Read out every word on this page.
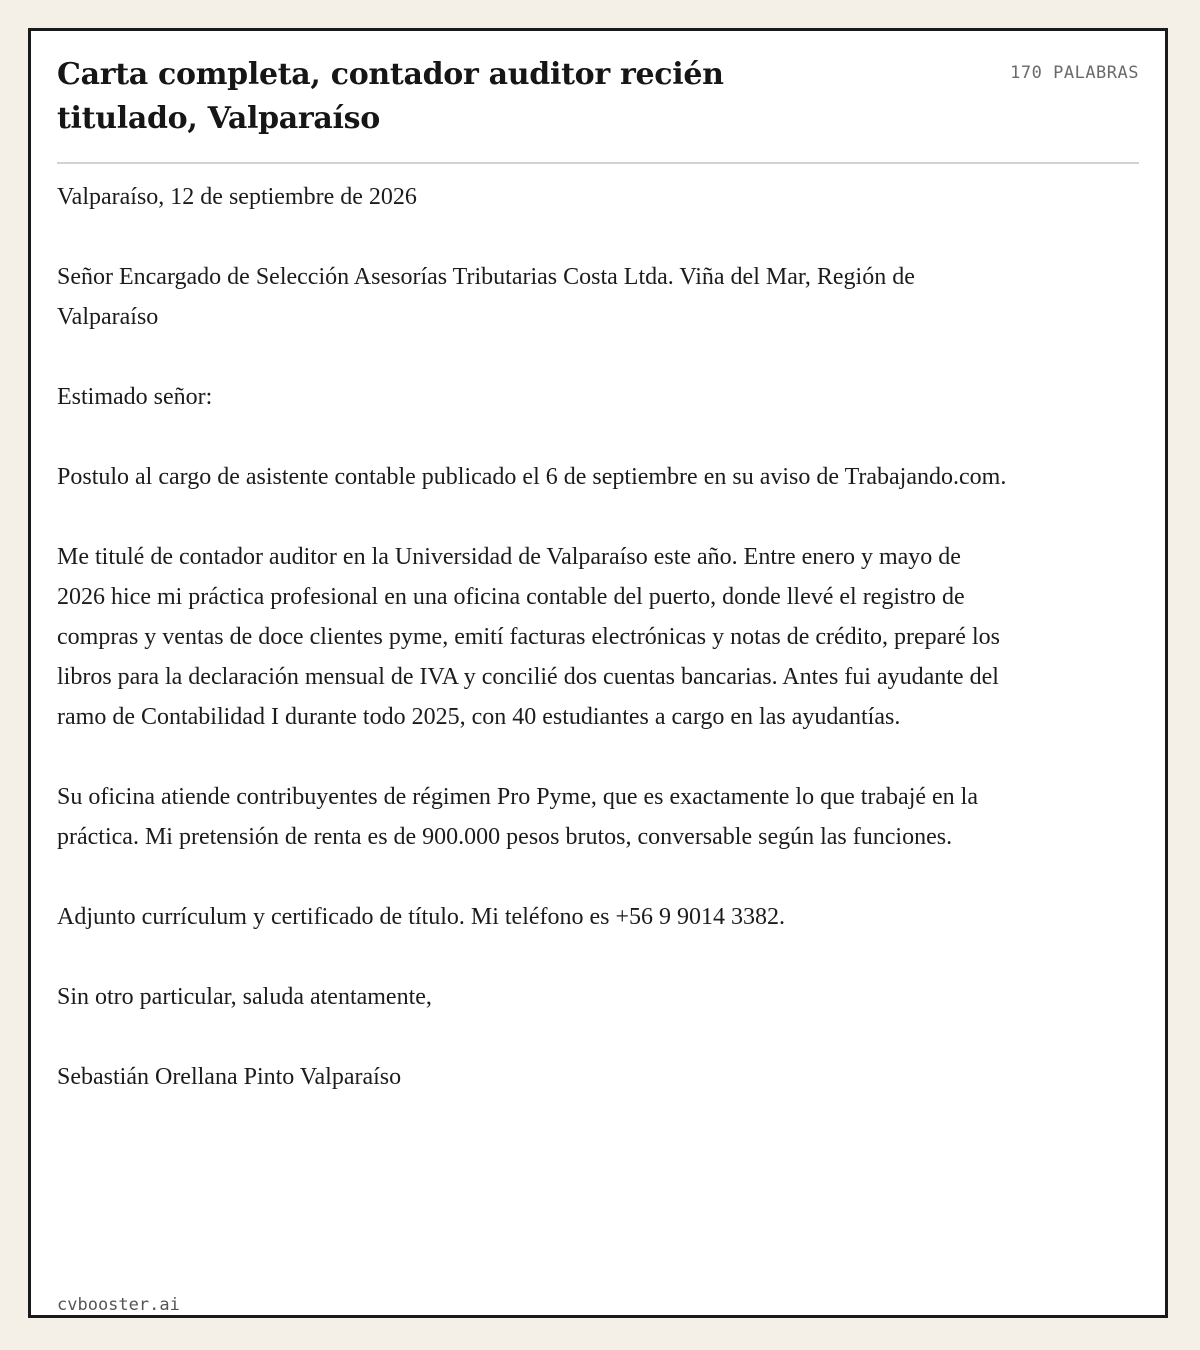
Carta completa, contador auditor recién titulado, Valparaíso
170 PALABRAS

Valparaíso, 12 de septiembre de 2026

Señor Encargado de Selección Asesorías Tributarias Costa Ltda. Viña del Mar, Región de Valparaíso

Estimado señor:

Postulo al cargo de asistente contable publicado el 6 de septiembre en su aviso de Trabajando.com.

Me titulé de contador auditor en la Universidad de Valparaíso este año. Entre enero y mayo de 2026 hice mi práctica profesional en una oficina contable del puerto, donde llevé el registro de compras y ventas de doce clientes pyme, emití facturas electrónicas y notas de crédito, preparé los libros para la declaración mensual de IVA y concilié dos cuentas bancarias. Antes fui ayudante del ramo de Contabilidad I durante todo 2025, con 40 estudiantes a cargo en las ayudantías.

Su oficina atiende contribuyentes de régimen Pro Pyme, que es exactamente lo que trabajé en la práctica. Mi pretensión de renta es de 900.000 pesos brutos, conversable según las funciones.

Adjunto currículum y certificado de título. Mi teléfono es +56 9 9014 3382.

Sin otro particular, saluda atentamente,

Sebastián Orellana Pinto Valparaíso

cvbooster.ai
